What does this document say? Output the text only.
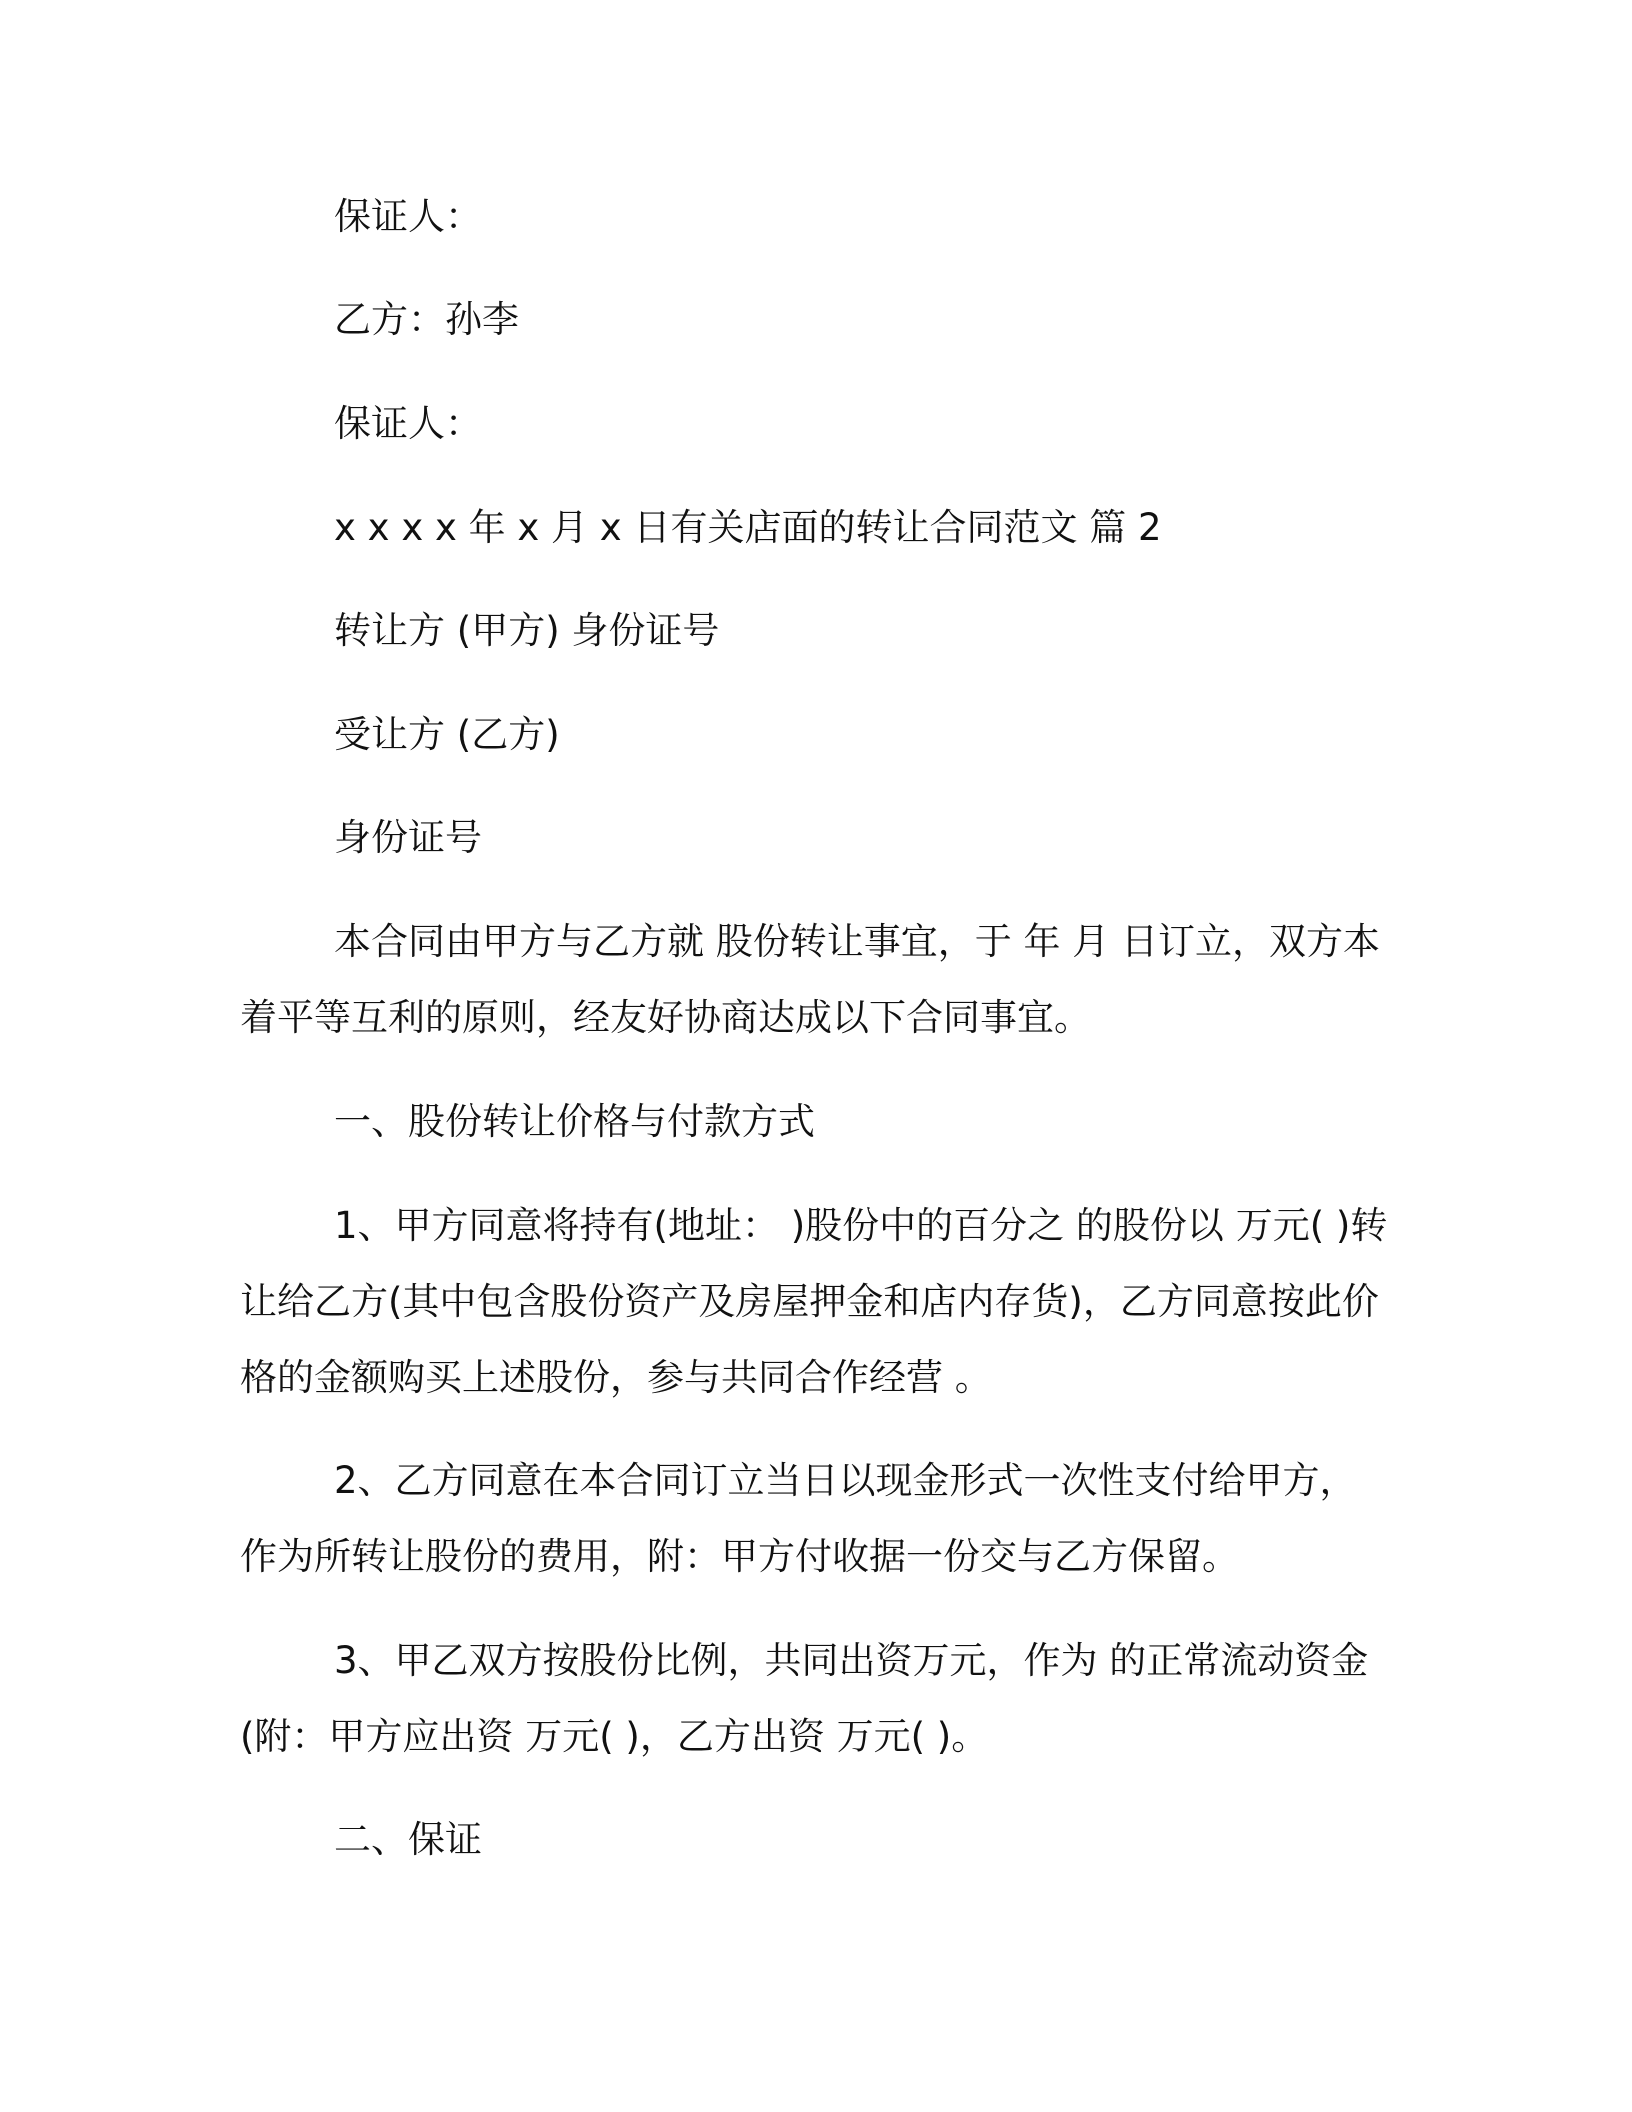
保证人：

乙方：孙李

保证人：

x x x x 年 x 月 x 日有关店面的转让合同范文 篇 2

转让方 (甲方) 身份证号

受让方 (乙方)

身份证号

本合同由甲方与乙方就 股份转让事宜，于 年 月 日订立，双方本

着平等互利的原则，经友好协商达成以下合同事宜。

一、股份转让价格与付款方式

1、甲方同意将持有(地址： )股份中的百分之 的股份以 万元( )转

让给乙方(其中包含股份资产及房屋押金和店内存货)，乙方同意按此价

格的金额购买上述股份，参与共同合作经营 。

2、乙方同意在本合同订立当日以现金形式一次性支付给甲方，

作为所转让股份的费用，附：甲方付收据一份交与乙方保留。

3、甲乙双方按股份比例，共同出资万元，作为 的正常流动资金

(附：甲方应出资 万元( )，乙方出资 万元( )。

二、保证
